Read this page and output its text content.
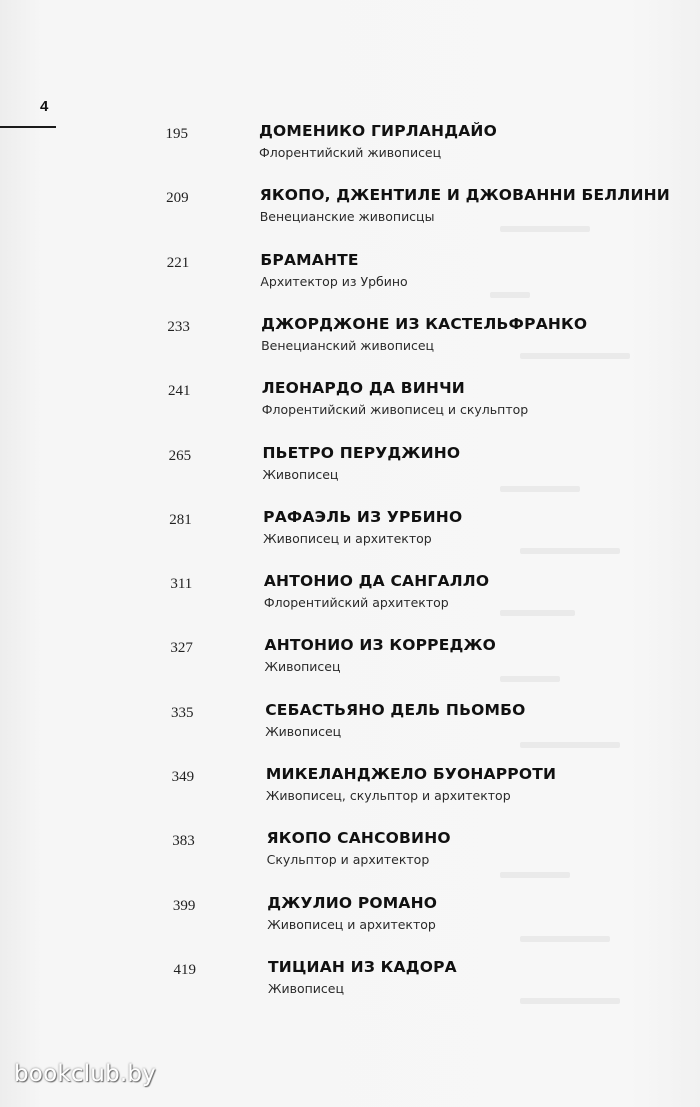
4
195	ДОМЕНИКО ГИРЛАНДАЙО
Флорентийский живописец
209	ЯКОПО, ДЖЕНТИЛЕ И ДЖОВАННИ БЕЛЛИНИ
Венецианские живописцы
221	БРАМАНТЕ
Архитектор из Урбино
233	ДЖОРДЖОНЕ ИЗ КАСТЕЛЬФРАНКО
Венецианский живописец
241	ЛЕОНАРДО ДА ВИНЧИ
Флорентийский живописец и скульптор
265	ПЬЕТРО ПЕРУДЖИНО
Живописец
281	РАФАЭЛЬ ИЗ УРБИНО
Живописец и архитектор
311	АНТОНИО ДА САНГАЛЛО
Флорентийский архитектор
327	АНТОНИО ИЗ КОРРЕДЖО
Живописец
335	СЕБАСТЬЯНО ДЕЛЬ ПЬОМБО
Живописец
349	МИКЕЛАНДЖЕЛО БУОНАРРОТИ
Живописец, скульптор и архитектор
383	ЯКОПО САНСОВИНО
Скульптор и архитектор
399	ДЖУЛИО РОМАНО
Живописец и архитектор
419	ТИЦИАН ИЗ КАДОРА
Живописец
bookclub.by
